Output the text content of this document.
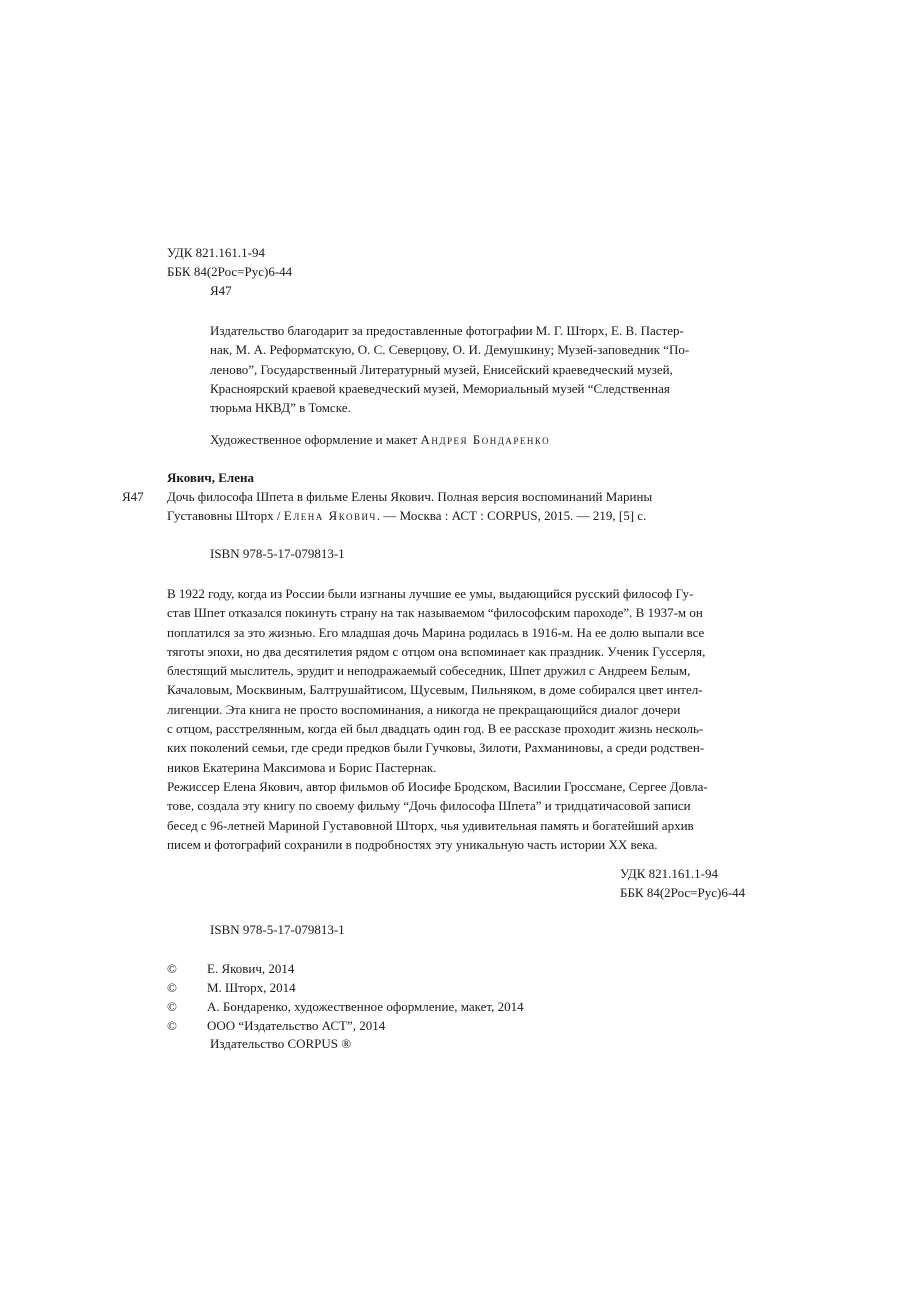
УДК 821.161.1-94
ББК 84(2Рос=Рус)6-44
Я47
Издательство благодарит за предоставленные фотографии М. Г. Шторх, Е. В. Пастер-
нак, М. А. Реформатскую, О. С. Северцову, О. И. Демушкину; Музей-заповедник “По-
леново”, Государственный Литературный музей, Енисейский краеведческий музей,
Красноярский краевой краеведческий музей, Мемориальный музей “Следственная
тюрьма НКВД” в Томске.
Художественное оформление и макет Андрея Бондаренко
Якович, Елена
Я47 Дочь философа Шпета в фильме Елены Якович. Полная версия воспоминаний Марины
Густавовны Шторх / Елена Якович. — Москва : АСТ : CORPUS, 2015. — 219, [5] с.
ISBN 978-5-17-079813-1
В 1922 году, когда из России были изгнаны лучшие ее умы, выдающийся русский философ Гу-
став Шпет отказался покинуть страну на так называемом “философским пароходе”. В 1937-м он
поплатился за это жизнью. Его младшая дочь Марина родилась в 1916-м. На ее долю выпали все
тяготы эпохи, но два десятилетия рядом с отцом она вспоминает как праздник. Ученик Гуссерля,
блестящий мыслитель, эрудит и неподражаемый собеседник, Шпет дружил с Андреем Белым,
Качаловым, Москвиным, Балтрушайтисом, Щусевым, Пильняком, в доме собирался цвет интел-
лигенции. Эта книга не просто воспоминания, а никогда не прекращающийся диалог дочери
с отцом, расстрелянным, когда ей был двадцать один год. В ее рассказе проходит жизнь несколь-
ких поколений семьи, где среди предков были Гучковы, Зилоти, Рахманиновы, а среди родствен-
ников Екатерина Максимова и Борис Пастернак.
Режиссер Елена Якович, автор фильмов об Иосифе Бродском, Василии Гроссмане, Сергее Довла-
тове, создала эту книгу по своему фильму “Дочь философа Шпета” и тридцатичасовой записи
бесед с 96-летней Мариной Густавовной Шторх, чья удивительная память и богатейший архив
писем и фотографий сохранили в подробностях эту уникальную часть истории XX века.
УДК 821.161.1-94
ББК 84(2Рос=Рус)6-44
ISBN 978-5-17-079813-1
© Е. Якович, 2014
© М. Шторх, 2014
© А. Бондаренко, художественное оформление, макет, 2014
© ООО “Издательство АСТ”, 2014
Издательство CORPUS ®
